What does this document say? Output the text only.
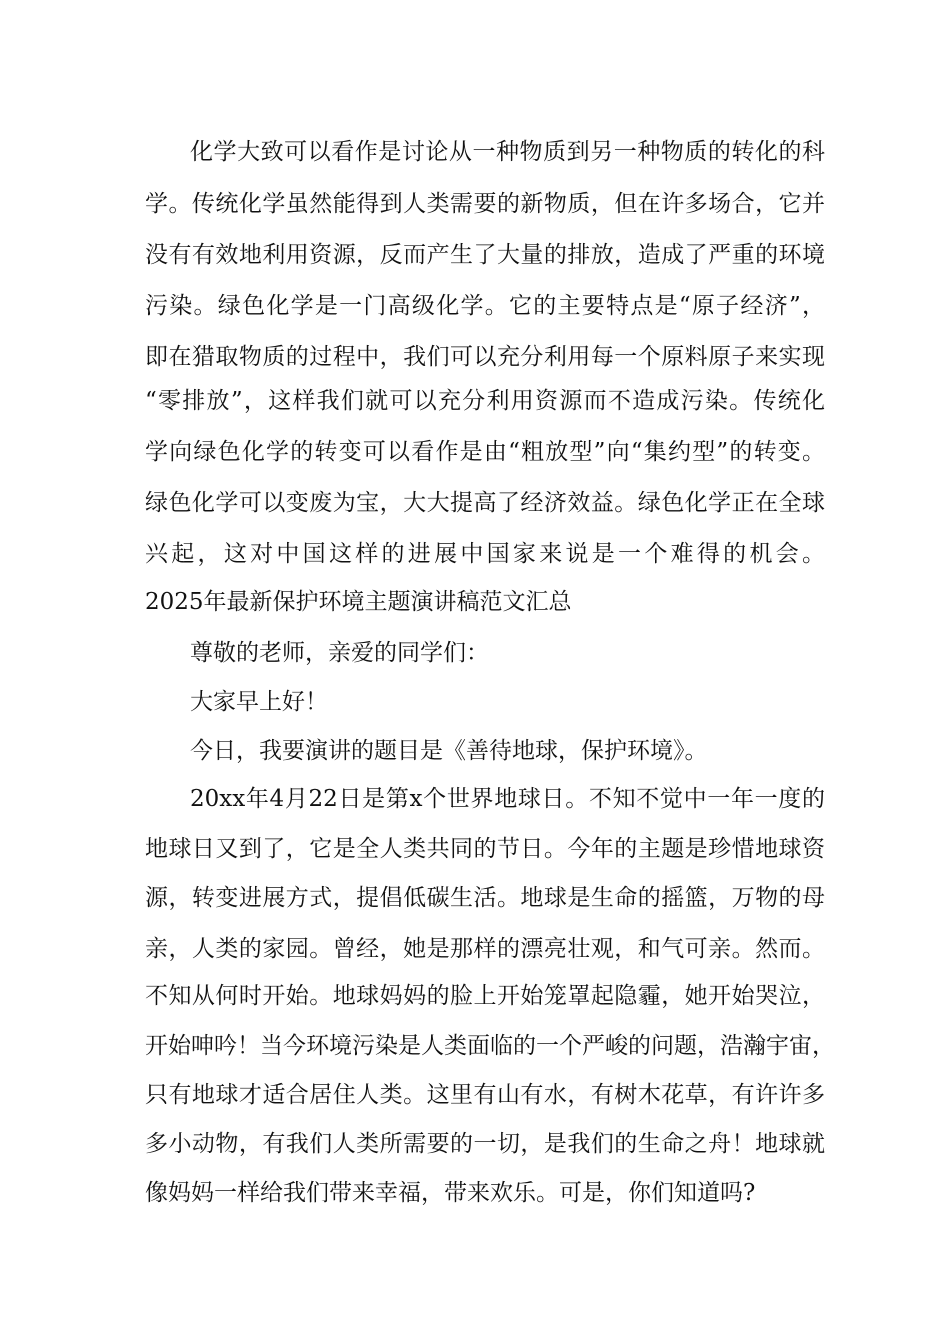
化学大致可以看作是讨论从一种物质到另一种物质的转化的科
学。传统化学虽然能得到人类需要的新物质，但在许多场合，它并
没有有效地利用资源，反而产生了大量的排放，造成了严重的环境
污染。绿色化学是一门高级化学。它的主要特点是“原子经济”，
即在猎取物质的过程中，我们可以充分利用每一个原料原子来实现
“零排放”，这样我们就可以充分利用资源而不造成污染。传统化
学向绿色化学的转变可以看作是由“粗放型”向“集约型”的转变。
绿色化学可以变废为宝，大大提高了经济效益。绿色化学正在全球
兴起，这对中国这样的进展中国家来说是一个难得的机会。
2025年最新保护环境主题演讲稿范文汇总
尊敬的老师，亲爱的同学们：
大家早上好！
今日，我要演讲的题目是《善待地球，保护环境》。
20xx年4月22日是第x个世界地球日。不知不觉中一年一度的
地球日又到了，它是全人类共同的节日。今年的主题是珍惜地球资
源，转变进展方式，提倡低碳生活。地球是生命的摇篮，万物的母
亲，人类的家园。曾经，她是那样的漂亮壮观，和气可亲。然而。
不知从何时开始。地球妈妈的脸上开始笼罩起隐霾，她开始哭泣，
开始呻吟！当今环境污染是人类面临的一个严峻的问题，浩瀚宇宙，
只有地球才适合居住人类。这里有山有水，有树木花草，有许许多
多小动物，有我们人类所需要的一切，是我们的生命之舟！地球就
像妈妈一样给我们带来幸福，带来欢乐。可是，你们知道吗?
